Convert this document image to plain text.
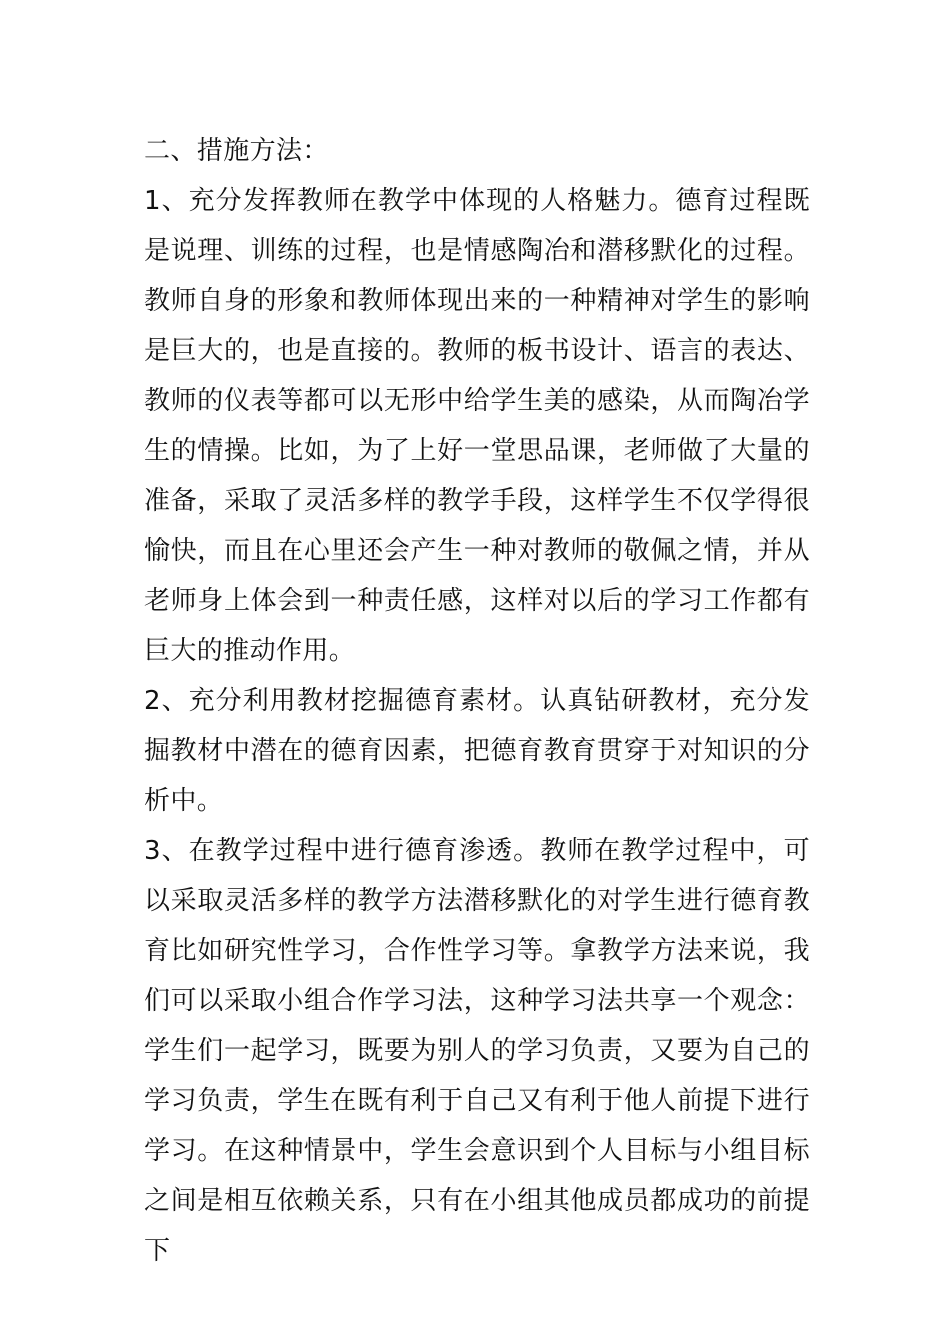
二、措施方法：

1、充分发挥教师在教学中体现的人格魅力。德育过程既是说理、训练的过程，也是情感陶冶和潜移默化的过程。教师自身的形象和教师体现出来的一种精神对学生的影响是巨大的，也是直接的。教师的板书设计、语言的表达、教师的仪表等都可以无形中给学生美的感染，从而陶冶学生的情操。比如，为了上好一堂思品课，老师做了大量的准备，采取了灵活多样的教学手段，这样学生不仅学得很愉快，而且在心里还会产生一种对教师的敬佩之情，并从老师身上体会到一种责任感，这样对以后的学习工作都有巨大的推动作用。

2、充分利用教材挖掘德育素材。认真钻研教材，充分发掘教材中潜在的德育因素，把德育教育贯穿于对知识的分析中。

3、在教学过程中进行德育渗透。教师在教学过程中，可以采取灵活多样的教学方法潜移默化的对学生进行德育教育比如研究性学习，合作性学习等。拿教学方法来说，我们可以采取小组合作学习法，这种学习法共享一个观念：学生们一起学习，既要为别人的学习负责，又要为自己的学习负责，学生在既有利于自己又有利于他人前提下进行学习。在这种情景中，学生会意识到个人目标与小组目标之间是相互依赖关系，只有在小组其他成员都成功的前提下
